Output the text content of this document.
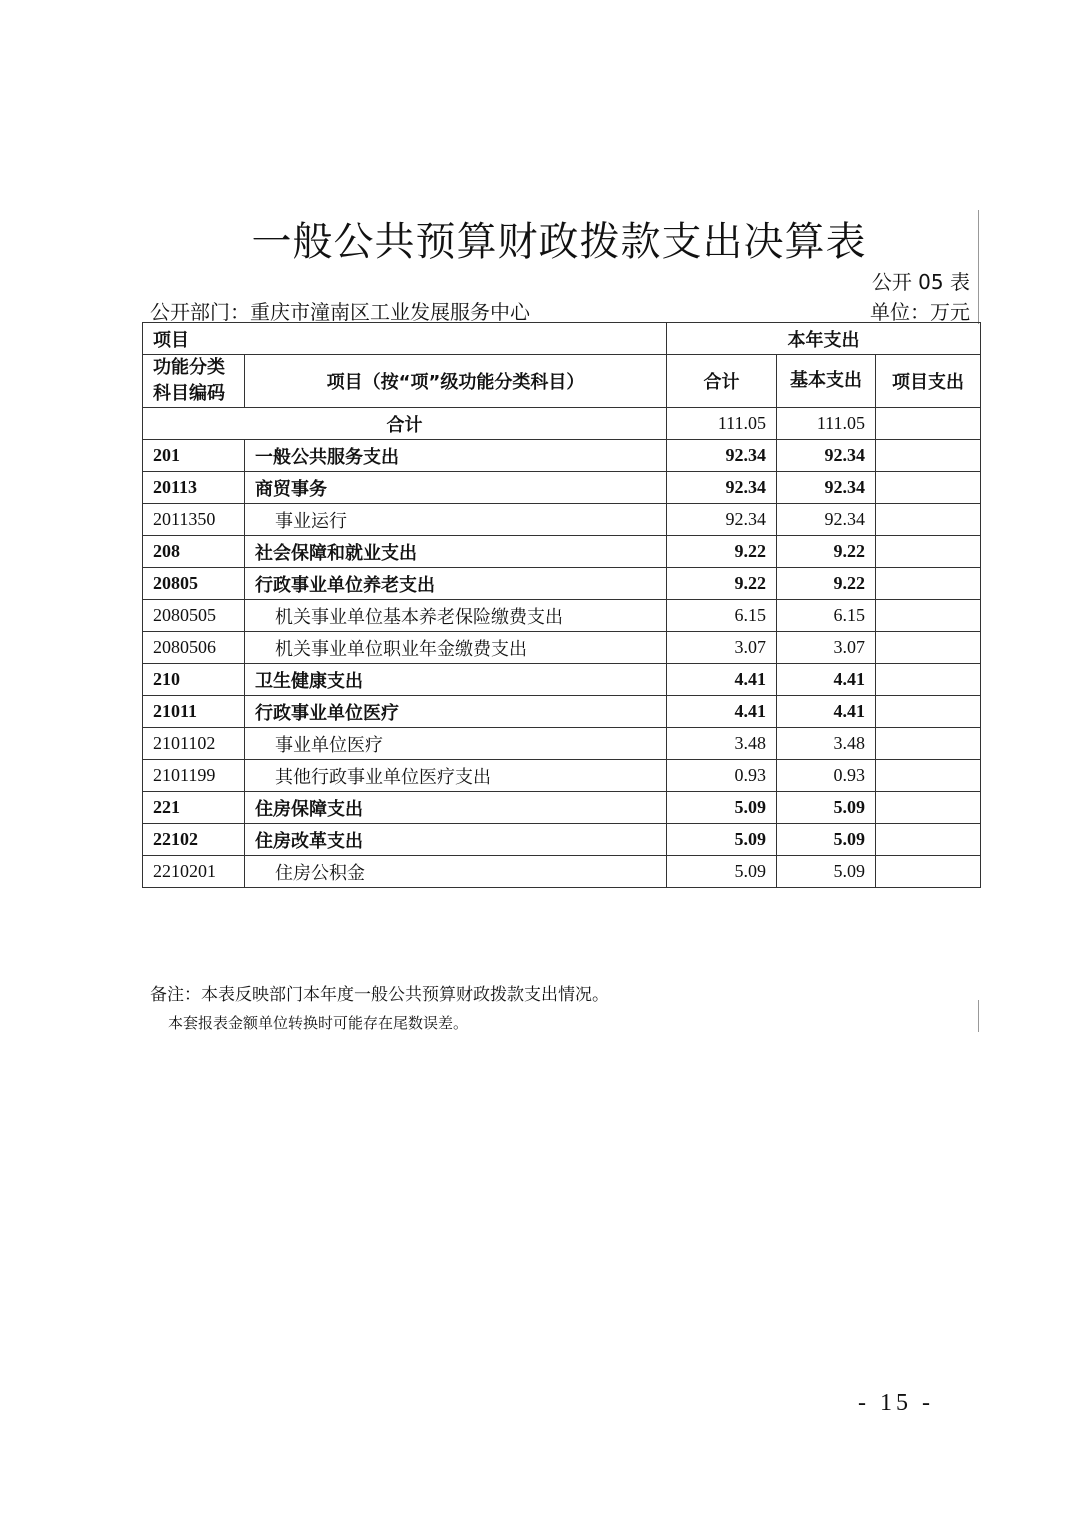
一般公共预算财政拨款支出决算表
公开 05 表
公开部门：重庆市潼南区工业发展服务中心	单位：万元
项目		本年支出		
功能分类科目编码	项目（按“项”级功能分类科目）	合计	基本支出	项目支出
合计		111.05	111.05	
201	一般公共服务支出	92.34	92.34	
20113	商贸事务	92.34	92.34	
2011350	事业运行	92.34	92.34	
208	社会保障和就业支出	9.22	9.22	
20805	行政事业单位养老支出	9.22	9.22	
2080505	机关事业单位基本养老保险缴费支出	6.15	6.15	
2080506	机关事业单位职业年金缴费支出	3.07	3.07	
210	卫生健康支出	4.41	4.41	
21011	行政事业单位医疗	4.41	4.41	
2101102	事业单位医疗	3.48	3.48	
2101199	其他行政事业单位医疗支出	0.93	0.93	
221	住房保障支出	5.09	5.09	
22102	住房改革支出	5.09	5.09	
2210201	住房公积金	5.09	5.09	
备注：本表反映部门本年度一般公共预算财政拨款支出情况。
本套报表金额单位转换时可能存在尾数误差。
- 15 -
